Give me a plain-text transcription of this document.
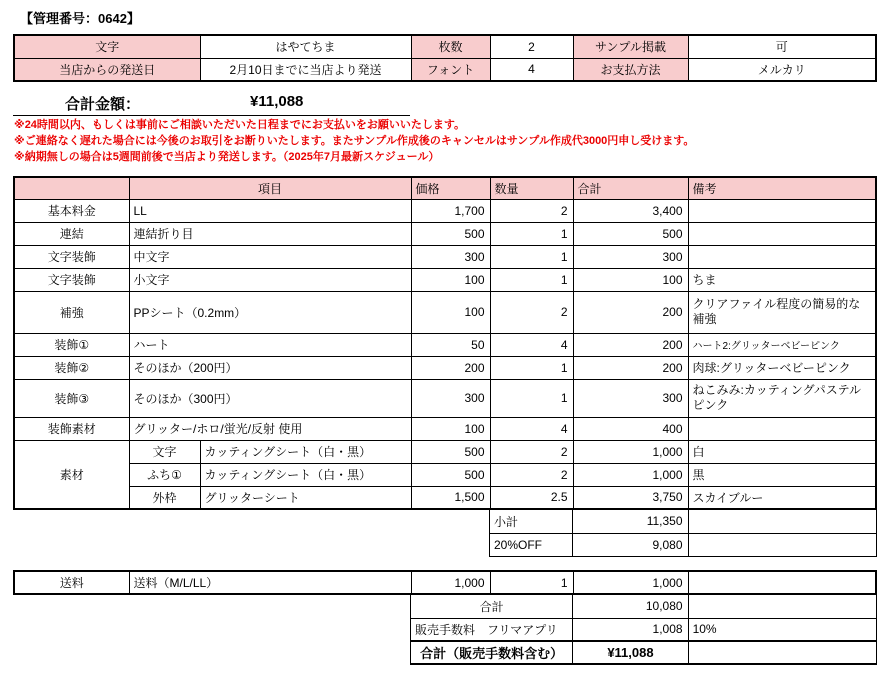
【管理番号：0642】
文字	はやてちま	枚数	2	サンプル掲載	可
当店からの発送日	2月10日までに当店より発送	フォント	4	お支払方法	メルカリ
合計金額：	¥11,088

※24時間以内、もしくは事前にご相談いただいた日程までにお支払いをお願いいたします。

※ご連絡なく遅れた場合には今後のお取引をお断りいたします。またサンプル作成後のキャンセルはサンプル作成代3000円申し受けます。

※納期無しの場合は5週間前後で当店より発送します。（2025年7月最新スケジュール）

	項目		価格	数量	合計	備考
基本料金	LL		1,700	2	3,400	
連結	連結折り目		500	1	500	
文字装飾	中文字		300	1	300	
文字装飾	小文字		100	1	100	ちま
補強	PPシート（0.2mm）		100	2	200	クリアファイル程度の簡易的な補強
装飾①	ハート		50	4	200	ハート2:グリッターベビーピンク
装飾②	そのほか（200円）		200	1	200	肉球:グリッターベビーピンク
装飾③	そのほか（300円）		300	1	300	ねこみみ:カッティングパステルピンク
装飾素材	グリッター/ホロ/蛍光/反射 使用		100	4	400	
素材	文字	カッティングシート（白・黒）	500	2	1,000	白
	ふち①	カッティングシート（白・黒）	500	2	1,000	黒
	外枠	グリッターシート	1,500	2.5	3,750	スカイブルー
小計	11,350	
20%OFF	9,080	
送料	送料（M/L/LL）	1,000	1	1,000	
合計	10,080	
販売手数料　フリマアプリ	1,008	10%
合計（販売手数料含む）	¥11,088	
